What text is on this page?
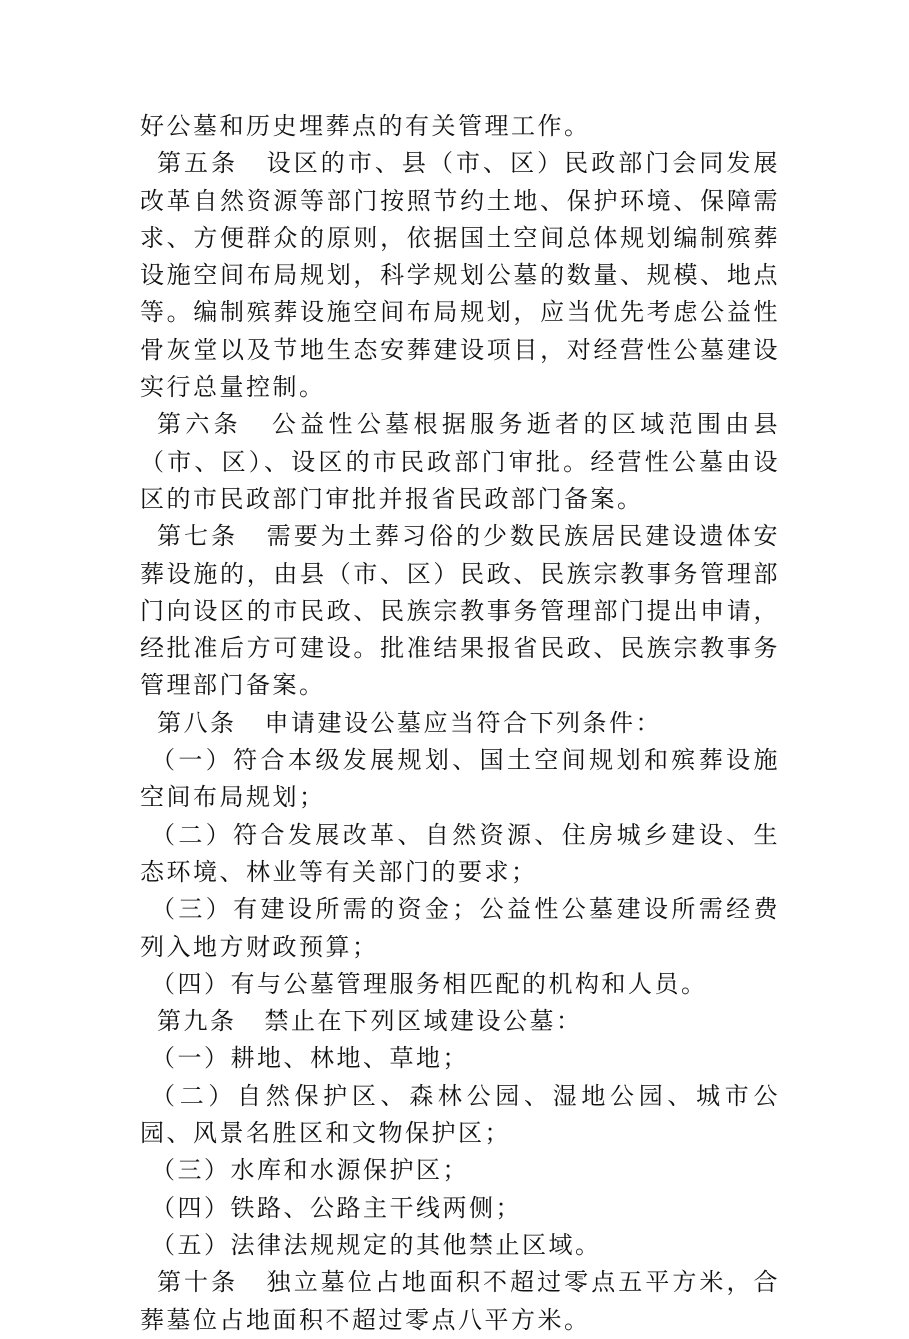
好公墓和历史埋葬点的有关管理工作。

第五条 设区的市、县（市、区）民政部门会同发展改革自然资源等部门按照节约土地、保护环境、保障需求、方便群众的原则，依据国土空间总体规划编制殡葬设施空间布局规划，科学规划公墓的数量、规模、地点等。编制殡葬设施空间布局规划，应当优先考虑公益性骨灰堂以及节地生态安葬建设项目，对经营性公墓建设实行总量控制。

第六条 公益性公墓根据服务逝者的区域范围由县（市、区）、设区的市民政部门审批。经营性公墓由设区的市民政部门审批并报省民政部门备案。

第七条 需要为土葬习俗的少数民族居民建设遗体安葬设施的，由县（市、区）民政、民族宗教事务管理部门向设区的市民政、民族宗教事务管理部门提出申请，经批准后方可建设。批准结果报省民政、民族宗教事务管理部门备案。

第八条 申请建设公墓应当符合下列条件：

（一）符合本级发展规划、国土空间规划和殡葬设施空间布局规划；

（二）符合发展改革、自然资源、住房城乡建设、生态环境、林业等有关部门的要求；

（三）有建设所需的资金；公益性公墓建设所需经费列入地方财政预算；

（四）有与公墓管理服务相匹配的机构和人员。

第九条 禁止在下列区域建设公墓：

（一）耕地、林地、草地；

（二）自然保护区、森林公园、湿地公园、城市公园、风景名胜区和文物保护区；

（三）水库和水源保护区；

（四）铁路、公路主干线两侧；

（五）法律法规规定的其他禁止区域。

第十条 独立墓位占地面积不超过零点五平方米，合葬墓位占地面积不超过零点八平方米。
